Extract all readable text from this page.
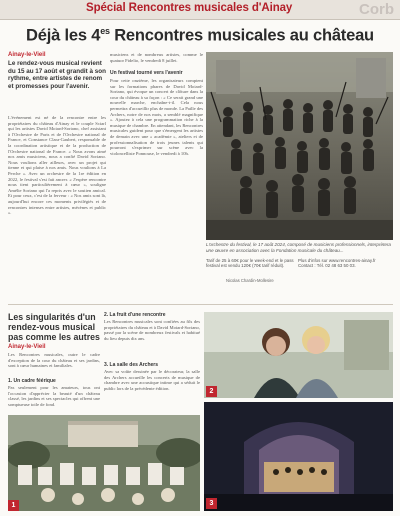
Spécial Rencontres musicales d'Ainay	Corb
Déjà les $4^{es}$ Rencontres musicales au château
Ainay-le-Vieil
Le rendez-vous musical revient du 15 au 17 août et grandit à son rythme, entre artistes de renom et promesses pour l'avenir.
L'événement est né de la rencontre entre les propriétaires du château d'Ainay et le couple Sciarl qui les artistes David Moiard-Soriano, chef assistant à l'Orchestre de Paris et de l'Orchestre national de France, et Constance Clara-Gaubert, responsable de la coordination artistique et de la production de l'Orchestre national de France. « Nous avons aimé nos amis musiciens, nous a confié David Soriano. Nous voulions aller ailleurs, avec un projet qui tienne et qui plaise à nos amis. Nous voulions à La Perche ». Avec un orchestre de la 1re édition en 2022, le festival s'est fait ancrer. « J'espère rencontre nous tient particulièrement à cœur », souligne Amélie Soriano qui l'a repris avec le soutien amical. Et pour ceux, c'est de la ferveur : « Nos amis sont là, aujourd'hui encore ces moments privilégiés et de rencontres intenses entre artistes, mécènes et public ».
musiciens et de nombreux artistes, comme le quatuor Fidelio, le vendredi 8 juillet.
Un festival tourné vers l'avenir
Pour cette onzième, les organisateurs comptent sur les formations phares de David Moiard-Soriano, qui évoque un concert de clôture dans la cour du château à sa façon : « Ce serait grand une nouvelle marche, enchaîne-t-il. Cela nous permettra d'accueillir plus de monde. La Paille des Archers, notre de nos mots, a semblé magnifique ». Ajoutez à cela une programmation riche à la musique de chambre. En attendant, les Rencontres musicales guident pour que s'émergent les artistes de demain avec une « académie », ateliers et de professionnalisation de trois jeunes talents qui pourront s'exprimer sur scène avec la violoncelliste Ponnouse, le vendredi à 10h.
L'orchestre du festival, le 17 août 2024, composé de musiciens professionnels, interprètera une œuvre en association avec la Fondation musicale du château...
Tarif de 25 à 60€ pour le week-end et le pass festival est vendu 120€ (70€ tarif réduit).
Nicolas Chardin-Mollesire
Plus d'infos sur www.rencontres-ainay.fr
Contact : Tél. 02 48 63 50 03.
Les singularités d'un rendez-vous musical pas comme les autres
Ainay-le-Vieil
Les Rencontres musicales, outre le cadre d'exception de la cour du château et ses jardins, sont à cœur humaines et familiales.
1. Un cadre féérique
Pas seulement pour les amateurs, tous ont l'occasion d'apprécier la beauté d'un château classé, les jardins et ses spectacles qui offrent une somptueuse toile de fond.
2. La fruit d'une rencontre
Les Rencontres musicales sont confiées au fils des propriétaires du château et à David Moiard-Soriano, passé par la scène de nombreux festivals et habitué du lieu depuis dix ans.
3. La salle des Archers
Avec sa voûte dessinée par le décorateur, la salle des Archers accueille les concerts de musique de chambre avec une acoustique intime qui a séduit le public lors de la précédente édition.
1
2
3
